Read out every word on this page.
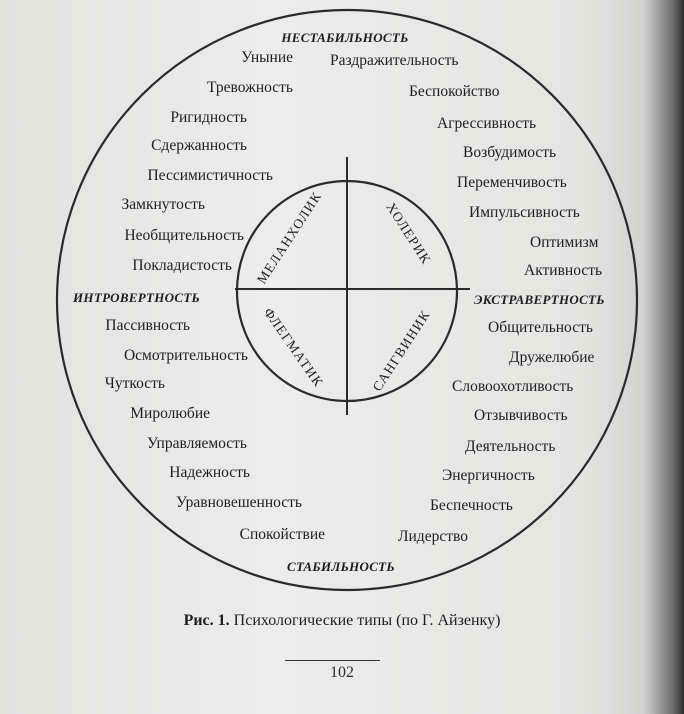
НЕСТАБИЛЬНОСТЬ
СТАБИЛЬНОСТЬ
ИНТРОВЕРТНОСТЬ	ЭКСТРАВЕРТНОСТЬ
МЕЛАНХОЛИК	ХОЛЕРИК
ФЛЕГМАТИК	САНГВИНИК
Уныние
Тревожность
Ригидность
Сдержанность
Пессимистичность
Замкнутость
Необщительность
Покладистость
Раздражительность
Беспокойство
Агрессивность
Возбудимость
Переменчивость
Импульсивность
Оптимизм
Активность
Пассивность
Осмотрительность
Чуткость
Миролюбие
Управляемость
Надежность
Уравновешенность
Спокойствие
Общительность
Дружелюбие
Словоохотливость
Отзывчивость
Деятельность
Энергичность
Беспечность
Лидерство
Рис. 1. Психологические типы (по Г. Айзенку)
102
